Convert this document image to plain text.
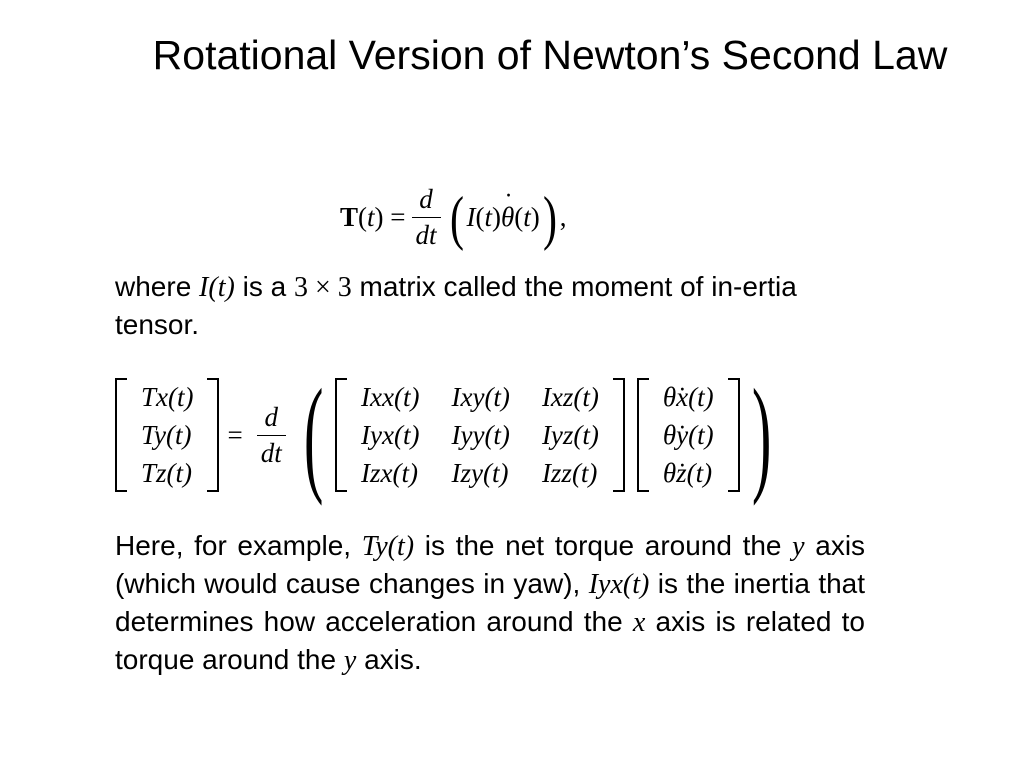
Rotational Version of Newton’s Second Law
$T(t) = \frac{d}{dt}$ ( I(t)˙ θ(t) ) ,

where I(t) is a 3 × 3 matrix called the moment of in-ertia tensor.

Tx(t)
Ty(t)
Tz(t)
= $\frac{d}{dt}$ ( Ixx(t) Ixy(t) Ixz(t)
Iyx(t) Iyy(t) Iyz(t)
Izx(t) Izy(t) Izz(t)
θ̇x(t)
θ̇y(t)
θ̇z(t) )

Here, for example, Ty(t) is the net torque around the y axis (which would cause changes in yaw), Iyx(t) is the inertia that determines how acceleration around the x axis is related to torque around the y axis.
